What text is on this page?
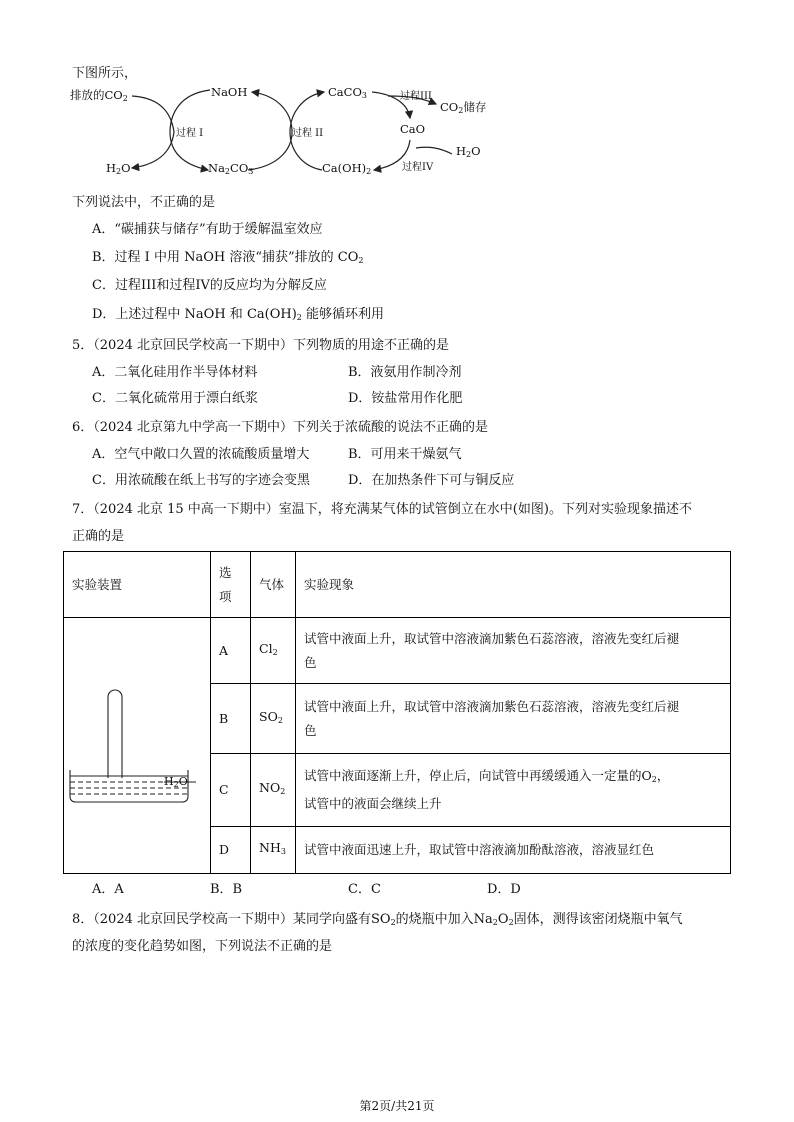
下图所示，
排放的$CO_2$	NaOH	CaCO$_3$	过程III
$CO_2$储存
过程 I	过程 II	CaO
$H_2O$
过程IV
$H_2O$	$Na_2CO_3$	$Ca(OH)_2$
下列说法中，不正确的是
A．“碳捕获与储存”有助于缓解温室效应
B．过程 I 中用 NaOH 溶液“捕获”排放的 $CO_2$
C．过程III和过程IV的反应均为分解反应
D．上述过程中 NaOH 和 $Ca(OH)_2$ 能够循环利用
5．（2024 北京回民学校高一下期中）下列物质的用途不正确的是
A．二氧化硅用作半导体材料	B．液氨用作制冷剂
C．二氧化硫常用于漂白纸浆	D．铵盐常用作化肥
6．（2024 北京第九中学高一下期中）下列关于浓硫酸的说法不正确的是
A．空气中敞口久置的浓硫酸质量增大	B．可用来干燥氨气
C．用浓硫酸在纸上书写的字迹会变黑	D．在加热条件下可与铜反应
7．（2024 北京 15 中高一下期中）室温下，将充满某气体的试管倒立在水中(如图)。下列对实验现象描述不
正确的是
实验装置	选
项	气体	实验现象

$H_2O$	A	$Cl_2$	试管中液面上升，取试管中溶液滴加紫色石蕊溶液，溶液先变红后褪
色

	B	$SO_2$	试管中液面上升，取试管中溶液滴加紫色石蕊溶液，溶液先变红后褪
色

	C	$NO_2$	试管中液面逐渐上升，停止后，向试管中再缓缓通入一定量的$O_2$，
试管中的液面会继续上升

	D	$NH_3$	试管中液面迅速上升，取试管中溶液滴加酚酞溶液，溶液显红色
A．A	B．B	C．C	D．D
8．（2024 北京回民学校高一下期中）某同学向盛有$SO_2$的烧瓶中加入$Na_2O_2$固体，测得该密闭烧瓶中氧气
的浓度的变化趋势如图，下列说法不正确的是
第2页/共21页
